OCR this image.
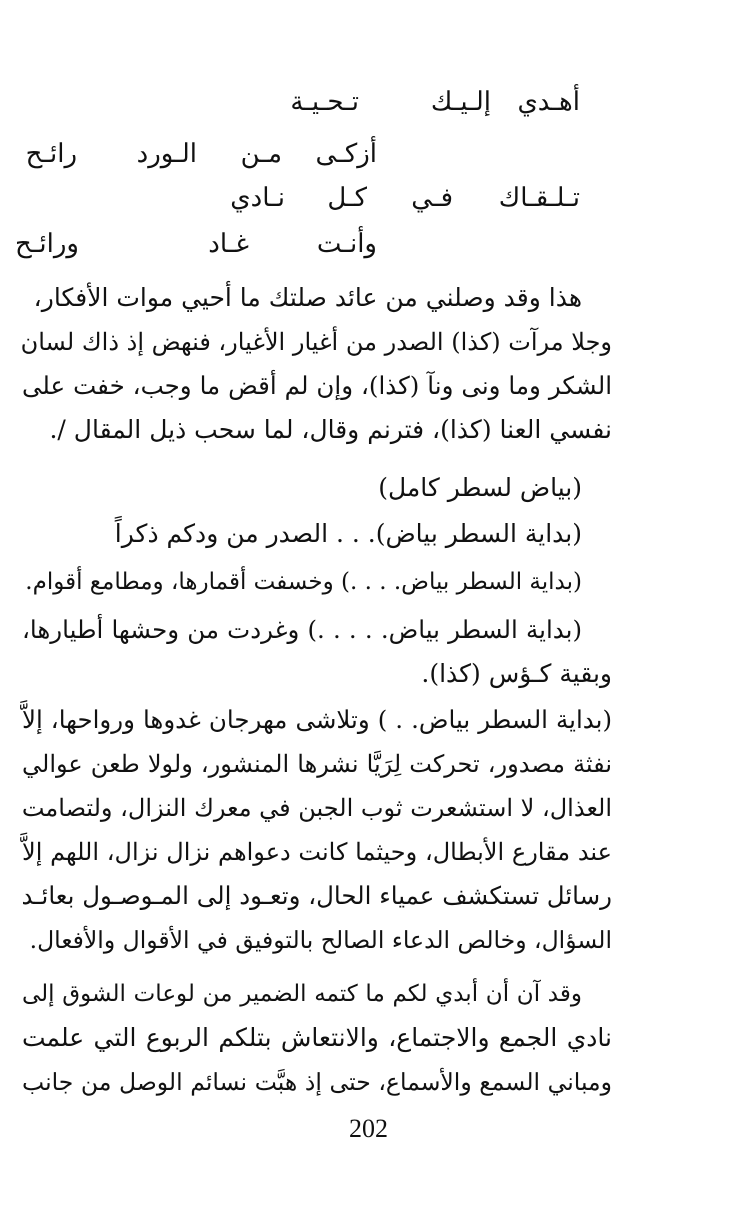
أهـدي
إلـيـك
تـحـيـة
أزكـى
مـن
الـورد
رائـح
تـلـقـاك
فـي
كـل
نـادي
وأنـت
غـاد
ورائـح
هذا وقد وصلني من عائد صلتك ما أحيي موات الأفكار،
وجلا مرآت (كذا) الصدر من أغيار الأغيار، فنهض إذ ذاك لسان
الشكر وما ونى ونآ (كذا)، وإن لم أقض ما وجب، خفت على
نفسي العنا (كذا)، فترنم وقال، لما سحب ذيل المقال /.
(بياض لسطر كامل)
(بداية السطر بياض). . . الصدر من ودكم ذكراً
(بداية السطر بياض. . . .) وخسفت أقمارها، ومطامع أقوام.
(بداية السطر بياض. . . . .) وغردت من وحشها أطيارها،
وبقية كـؤس (كذا).
(بداية السطر بياض. . ) وتلاشى مهرجان غدوها ورواحها، إلاَّ
نفثة مصدور، تحركت لِرَيَّا نشرها المنشور، ولولا طعن عوالي
العذال، لا استشعرت ثوب الجبن في معرك النزال، ولتصامت
عند مقارع الأبطال، وحيثما كانت دعواهم نزال نزال، اللهم إلاَّ
رسائل تستكشف عمياء الحال، وتعـود إلى المـوصـول بعائـد
السؤال، وخالص الدعاء الصالح بالتوفيق في الأقوال والأفعال.
وقد آن أن أبدي لكم ما كتمه الضمير من لوعات الشوق إلى
نادي الجمع والاجتماع، والانتعاش بتلكم الربوع التي علمت
ومباني السمع والأسماع، حتى إذ هبَّت نسائم الوصل من جانب
202
